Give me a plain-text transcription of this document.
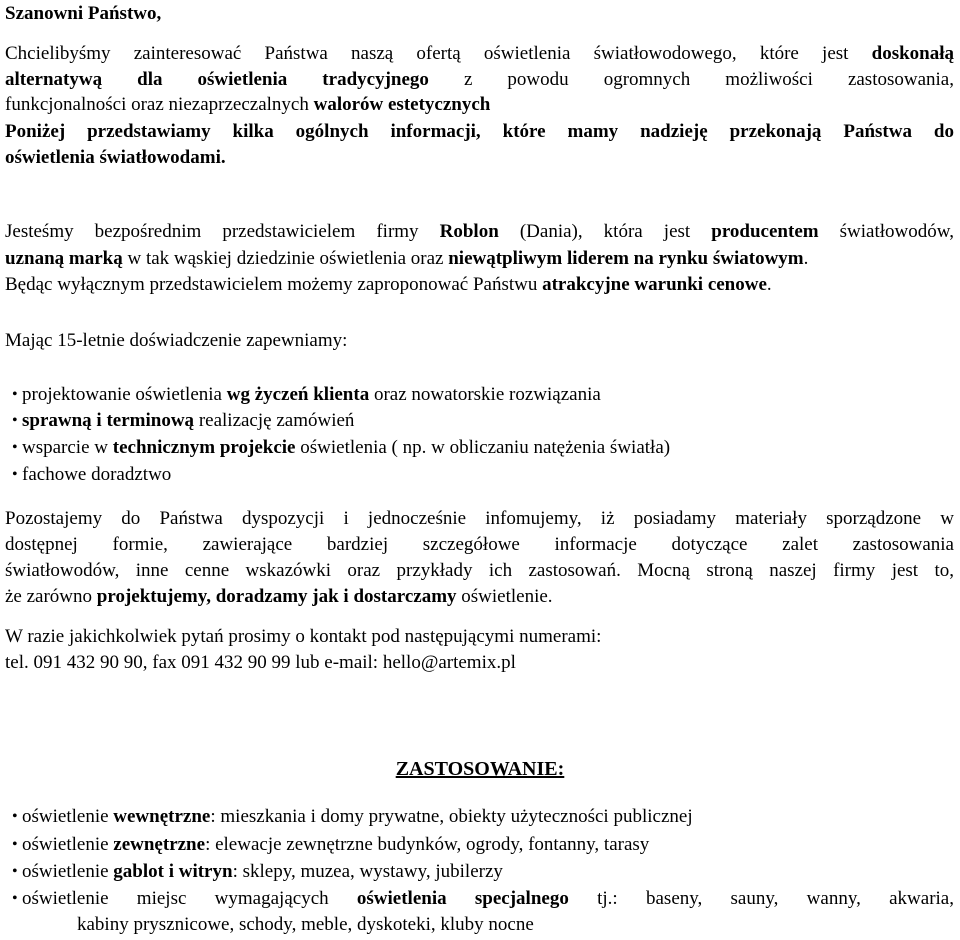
Szanowni Państwo,
Chcielibyśmy zainteresować Państwa naszą ofertą oświetlenia światłowodowego, które jest doskonałą
alternatywą dla oświetlenia tradycyjnego z powodu ogromnych możliwości zastosowania,
funkcjonalności oraz niezaprzeczalnych walorów estetycznych
Poniżej przedstawiamy kilka ogólnych informacji, które mamy nadzieję przekonają Państwa do
oświetlenia światłowodami.
Jesteśmy bezpośrednim przedstawicielem firmy Roblon (Dania), która jest producentem światłowodów,
uznaną marką w tak wąskiej dziedzinie oświetlenia oraz niewątpliwym liderem na rynku światowym.
Będąc wyłącznym przedstawicielem możemy zaproponować Państwu atrakcyjne warunki cenowe.
Mając 15-letnie doświadczenie zapewniamy:
• projektowanie oświetlenia wg życzeń klienta oraz nowatorskie rozwiązania
• sprawną i terminową realizację zamówień
• wsparcie w technicznym projekcie oświetlenia ( np. w obliczaniu natężenia światła)
• fachowe doradztwo
Pozostajemy do Państwa dyspozycji i jednocześnie infomujemy, iż posiadamy materiały sporządzone w
dostępnej formie, zawierające bardziej szczegółowe informacje dotyczące zalet zastosowania
światłowodów, inne cenne wskazówki oraz przykłady ich zastosowań. Mocną stroną naszej firmy jest to,
że zarówno projektujemy, doradzamy jak i dostarczamy oświetlenie.
W razie jakichkolwiek pytań prosimy o kontakt pod następującymi numerami:
tel. 091 432 90 90, fax 091 432 90 99 lub e-mail: hello@artemix.pl
ZASTOSOWANIE:
• oświetlenie wewnętrzne: mieszkania i domy prywatne, obiekty użyteczności publicznej
• oświetlenie zewnętrzne: elewacje zewnętrzne budynków, ogrody, fontanny, tarasy
• oświetlenie gablot i witryn: sklepy, muzea, wystawy, jubilerzy
• oświetlenie miejsc wymagających oświetlenia specjalnego tj.: baseny, sauny, wanny, akwaria,
kabiny prysznicowe, schody, meble, dyskoteki, kluby nocne
